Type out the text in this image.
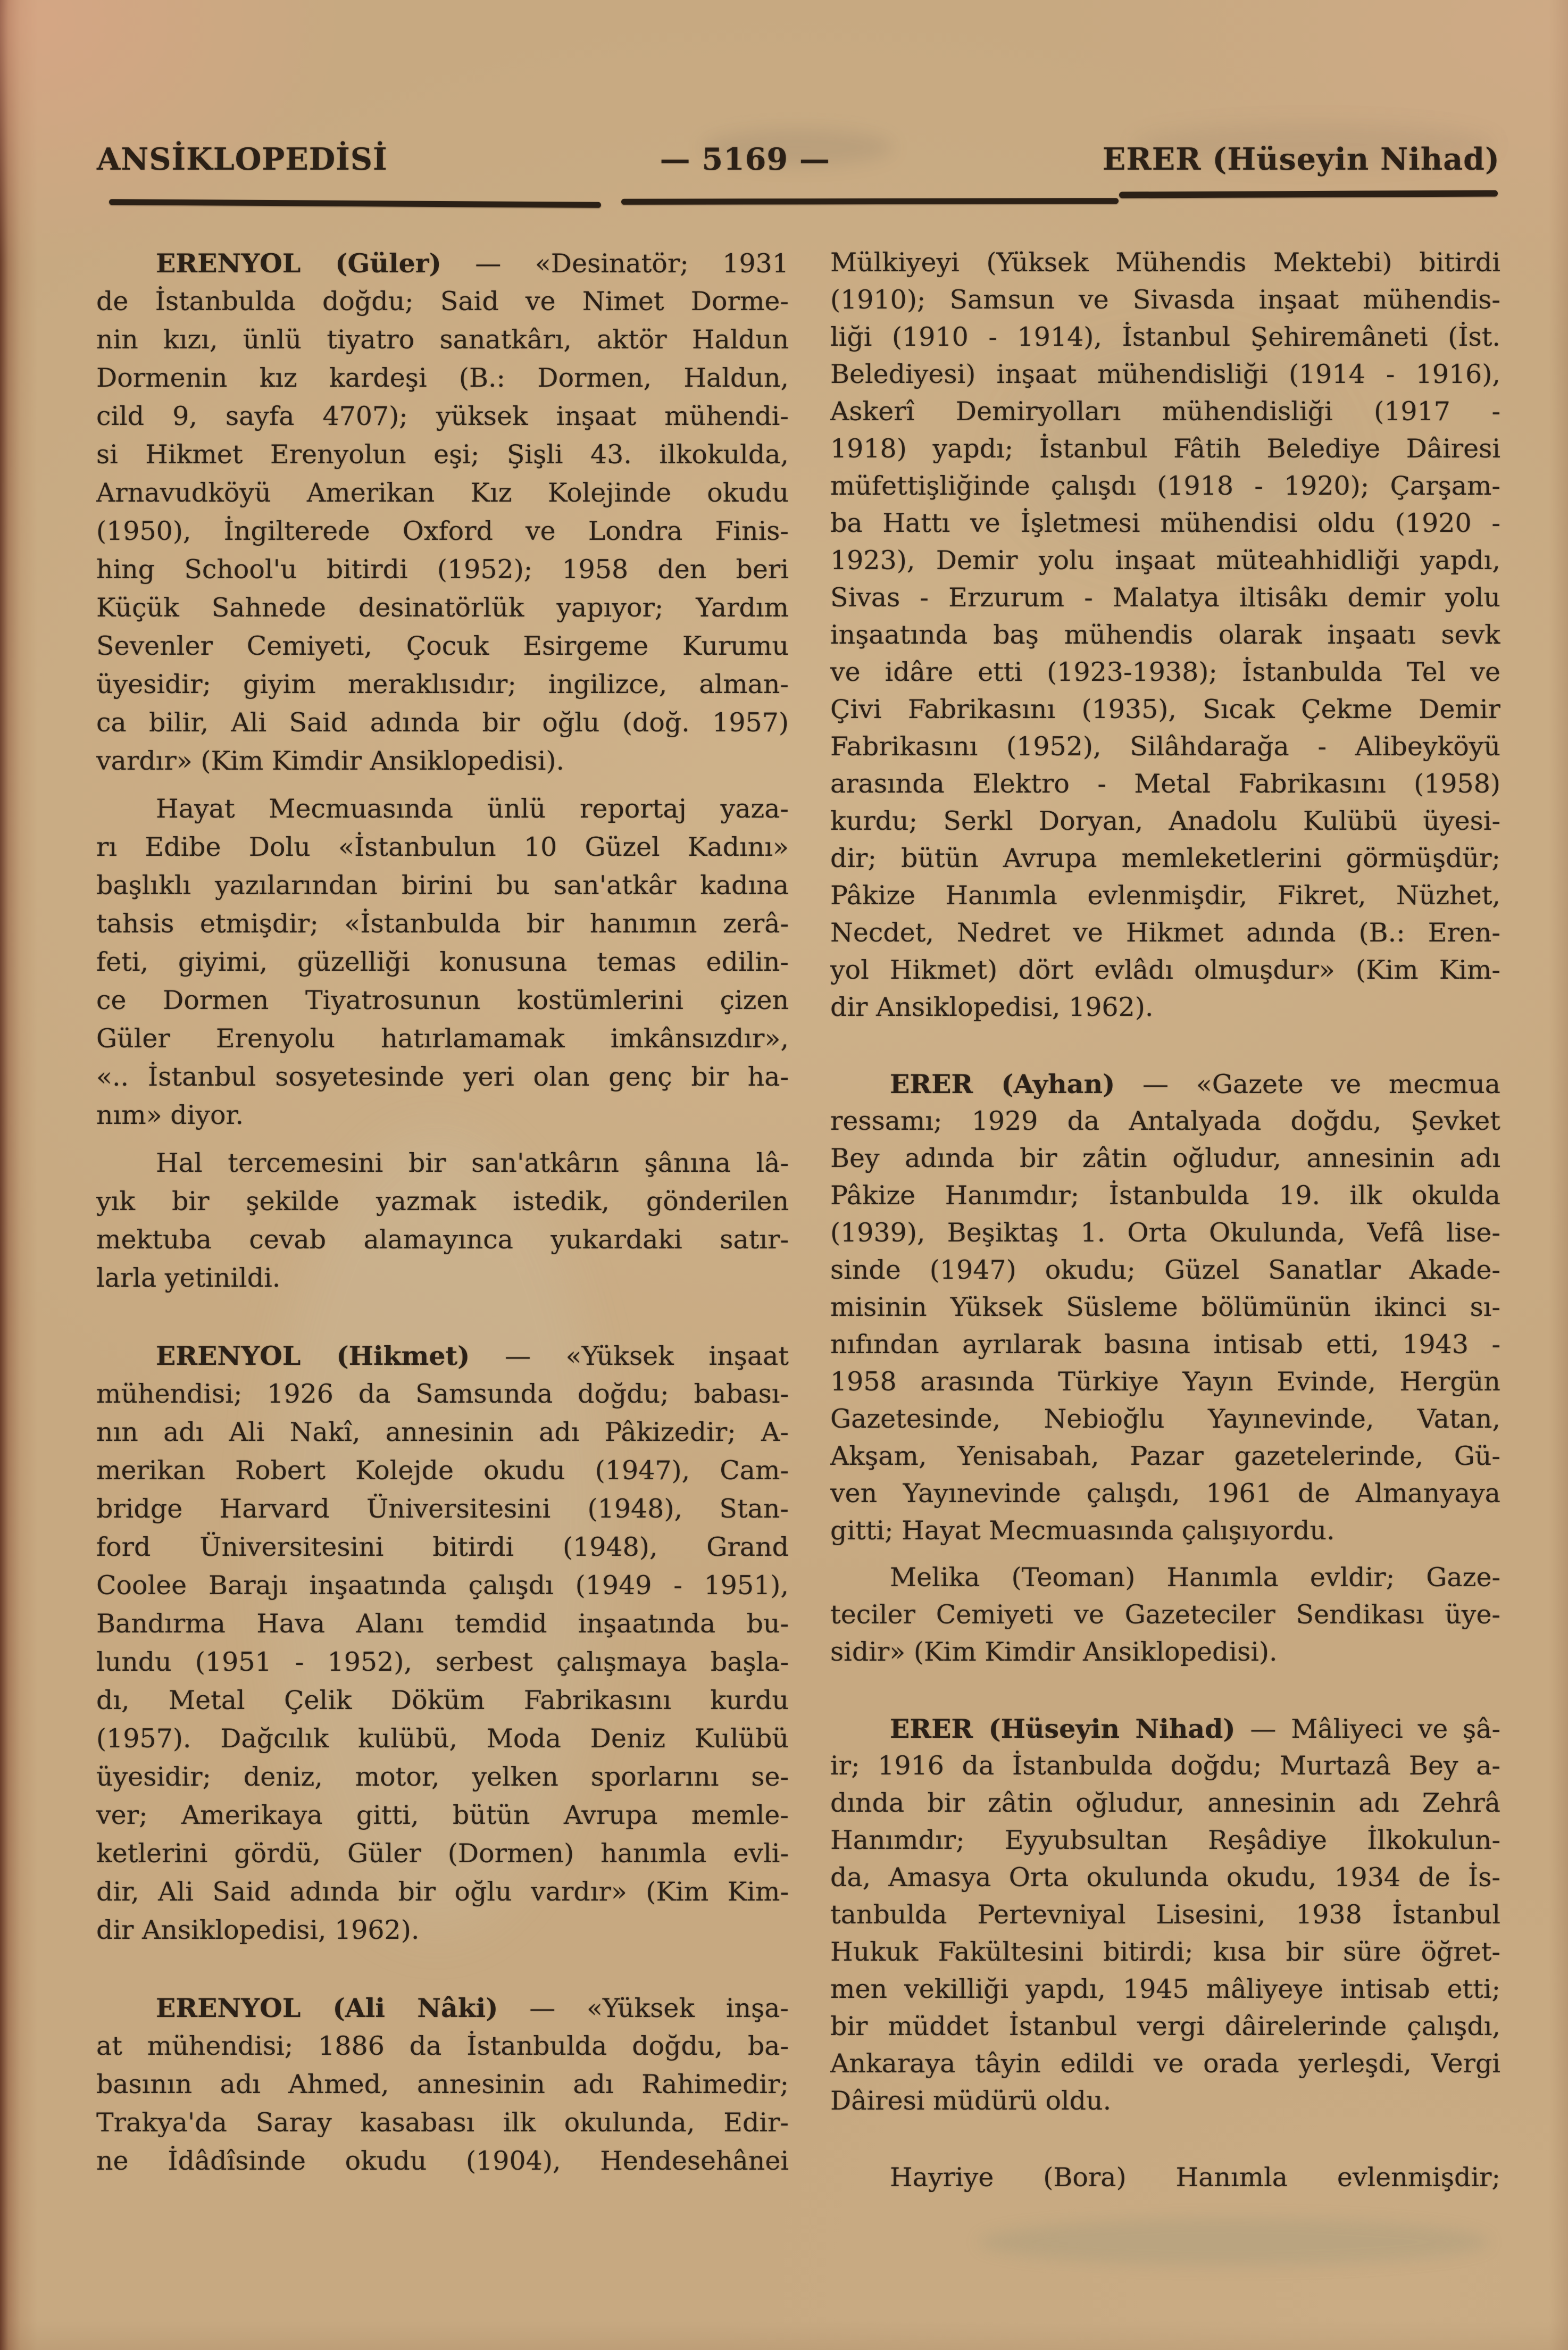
ANSİKLOPEDİSİ	— 5169 —	ERER (Hüseyin Nihad)
ERENYOL (Güler) — «Desinatör; 1931
de İstanbulda doğdu; Said ve Nimet Dorme-
nin kızı, ünlü tiyatro sanatkârı, aktör Haldun
Dormenin kız kardeşi (B.: Dormen, Haldun,
cild 9, sayfa 4707); yüksek inşaat mühendi-
si Hikmet Erenyolun eşi; Şişli 43. ilkokulda,
Arnavudköyü Amerikan Kız Kolejinde okudu
(1950), İngilterede Oxford ve Londra Finis-
hing School'u bitirdi (1952); 1958 den beri
Küçük Sahnede desinatörlük yapıyor; Yardım
Sevenler Cemiyeti, Çocuk Esirgeme Kurumu
üyesidir; giyim meraklısıdır; ingilizce, alman-
ca bilir, Ali Said adında bir oğlu (doğ. 1957)
vardır» (Kim Kimdir Ansiklopedisi).
Hayat Mecmuasında ünlü reportaj yaza-
rı Edibe Dolu «İstanbulun 10 Güzel Kadını»
başlıklı yazılarından birini bu san'atkâr kadına
tahsis etmişdir; «İstanbulda bir hanımın zerâ-
feti, giyimi, güzelliği konusuna temas edilin-
ce Dormen Tiyatrosunun kostümlerini çizen
Güler Erenyolu hatırlamamak imkânsızdır»,
«.. İstanbul sosyetesinde yeri olan genç bir ha-
nım» diyor.
Hal tercemesini bir san'atkârın şânına lâ-
yık bir şekilde yazmak istedik, gönderilen
mektuba cevab alamayınca yukardaki satır-
larla yetinildi.
ERENYOL (Hikmet) — «Yüksek inşaat
mühendisi; 1926 da Samsunda doğdu; babası-
nın adı Ali Nakî, annesinin adı Pâkizedir; A-
merikan Robert Kolejde okudu (1947), Cam-
bridge Harvard Üniversitesini (1948), Stan-
ford Üniversitesini bitirdi (1948), Grand
Coolee Barajı inşaatında çalışdı (1949 - 1951),
Bandırma Hava Alanı temdid inşaatında bu-
lundu (1951 - 1952), serbest çalışmaya başla-
dı, Metal Çelik Döküm Fabrikasını kurdu
(1957). Dağcılık kulübü, Moda Deniz Kulübü
üyesidir; deniz, motor, yelken sporlarını se-
ver; Amerikaya gitti, bütün Avrupa memle-
ketlerini gördü, Güler (Dormen) hanımla evli-
dir, Ali Said adında bir oğlu vardır» (Kim Kim-
dir Ansiklopedisi, 1962).
ERENYOL (Ali Nâki) — «Yüksek inşa-
at mühendisi; 1886 da İstanbulda doğdu, ba-
basının adı Ahmed, annesinin adı Rahimedir;
Trakya'da Saray kasabası ilk okulunda, Edir-
ne İdâdîsinde okudu (1904), Hendesehânei
Mülkiyeyi (Yüksek Mühendis Mektebi) bitirdi
(1910); Samsun ve Sivasda inşaat mühendis-
liği (1910 - 1914), İstanbul Şehiremâneti (İst.
Belediyesi) inşaat mühendisliği (1914 - 1916),
Askerî Demiryolları mühendisliği (1917 -
1918) yapdı; İstanbul Fâtih Belediye Dâiresi
müfettişliğinde çalışdı (1918 - 1920); Çarşam-
ba Hattı ve İşletmesi mühendisi oldu (1920 -
1923), Demir yolu inşaat müteahhidliği yapdı,
Sivas - Erzurum - Malatya iltisâkı demir yolu
inşaatında baş mühendis olarak inşaatı sevk
ve idâre etti (1923-1938); İstanbulda Tel ve
Çivi Fabrikasını (1935), Sıcak Çekme Demir
Fabrikasını (1952), Silâhdarağa - Alibeyköyü
arasında Elektro - Metal Fabrikasını (1958)
kurdu; Serkl Doryan, Anadolu Kulübü üyesi-
dir; bütün Avrupa memleketlerini görmüşdür;
Pâkize Hanımla evlenmişdir, Fikret, Nüzhet,
Necdet, Nedret ve Hikmet adında (B.: Eren-
yol Hikmet) dört evlâdı olmuşdur» (Kim Kim-
dir Ansiklopedisi, 1962).
ERER (Ayhan) — «Gazete ve mecmua
ressamı; 1929 da Antalyada doğdu, Şevket
Bey adında bir zâtin oğludur, annesinin adı
Pâkize Hanımdır; İstanbulda 19. ilk okulda
(1939), Beşiktaş 1. Orta Okulunda, Vefâ lise-
sinde (1947) okudu; Güzel Sanatlar Akade-
misinin Yüksek Süsleme bölümünün ikinci sı-
nıfından ayrılarak basına intisab etti, 1943 -
1958 arasında Türkiye Yayın Evinde, Hergün
Gazetesinde, Nebioğlu Yayınevinde, Vatan,
Akşam, Yenisabah, Pazar gazetelerinde, Gü-
ven Yayınevinde çalışdı, 1961 de Almanyaya
gitti; Hayat Mecmuasında çalışıyordu.
Melika (Teoman) Hanımla evldir; Gaze-
teciler Cemiyeti ve Gazeteciler Sendikası üye-
sidir» (Kim Kimdir Ansiklopedisi).
ERER (Hüseyin Nihad) — Mâliyeci ve şâ-
ir; 1916 da İstanbulda doğdu; Murtazâ Bey a-
dında bir zâtin oğludur, annesinin adı Zehrâ
Hanımdır; Eyyubsultan Reşâdiye İlkokulun-
da, Amasya Orta okulunda okudu, 1934 de İs-
tanbulda Pertevniyal Lisesini, 1938 İstanbul
Hukuk Fakültesini bitirdi; kısa bir süre öğret-
men vekilliği yapdı, 1945 mâliyeye intisab etti;
bir müddet İstanbul vergi dâirelerinde çalışdı,
Ankaraya tâyin edildi ve orada yerleşdi, Vergi
Dâiresi müdürü oldu.
Hayriye (Bora) Hanımla evlenmişdir;
